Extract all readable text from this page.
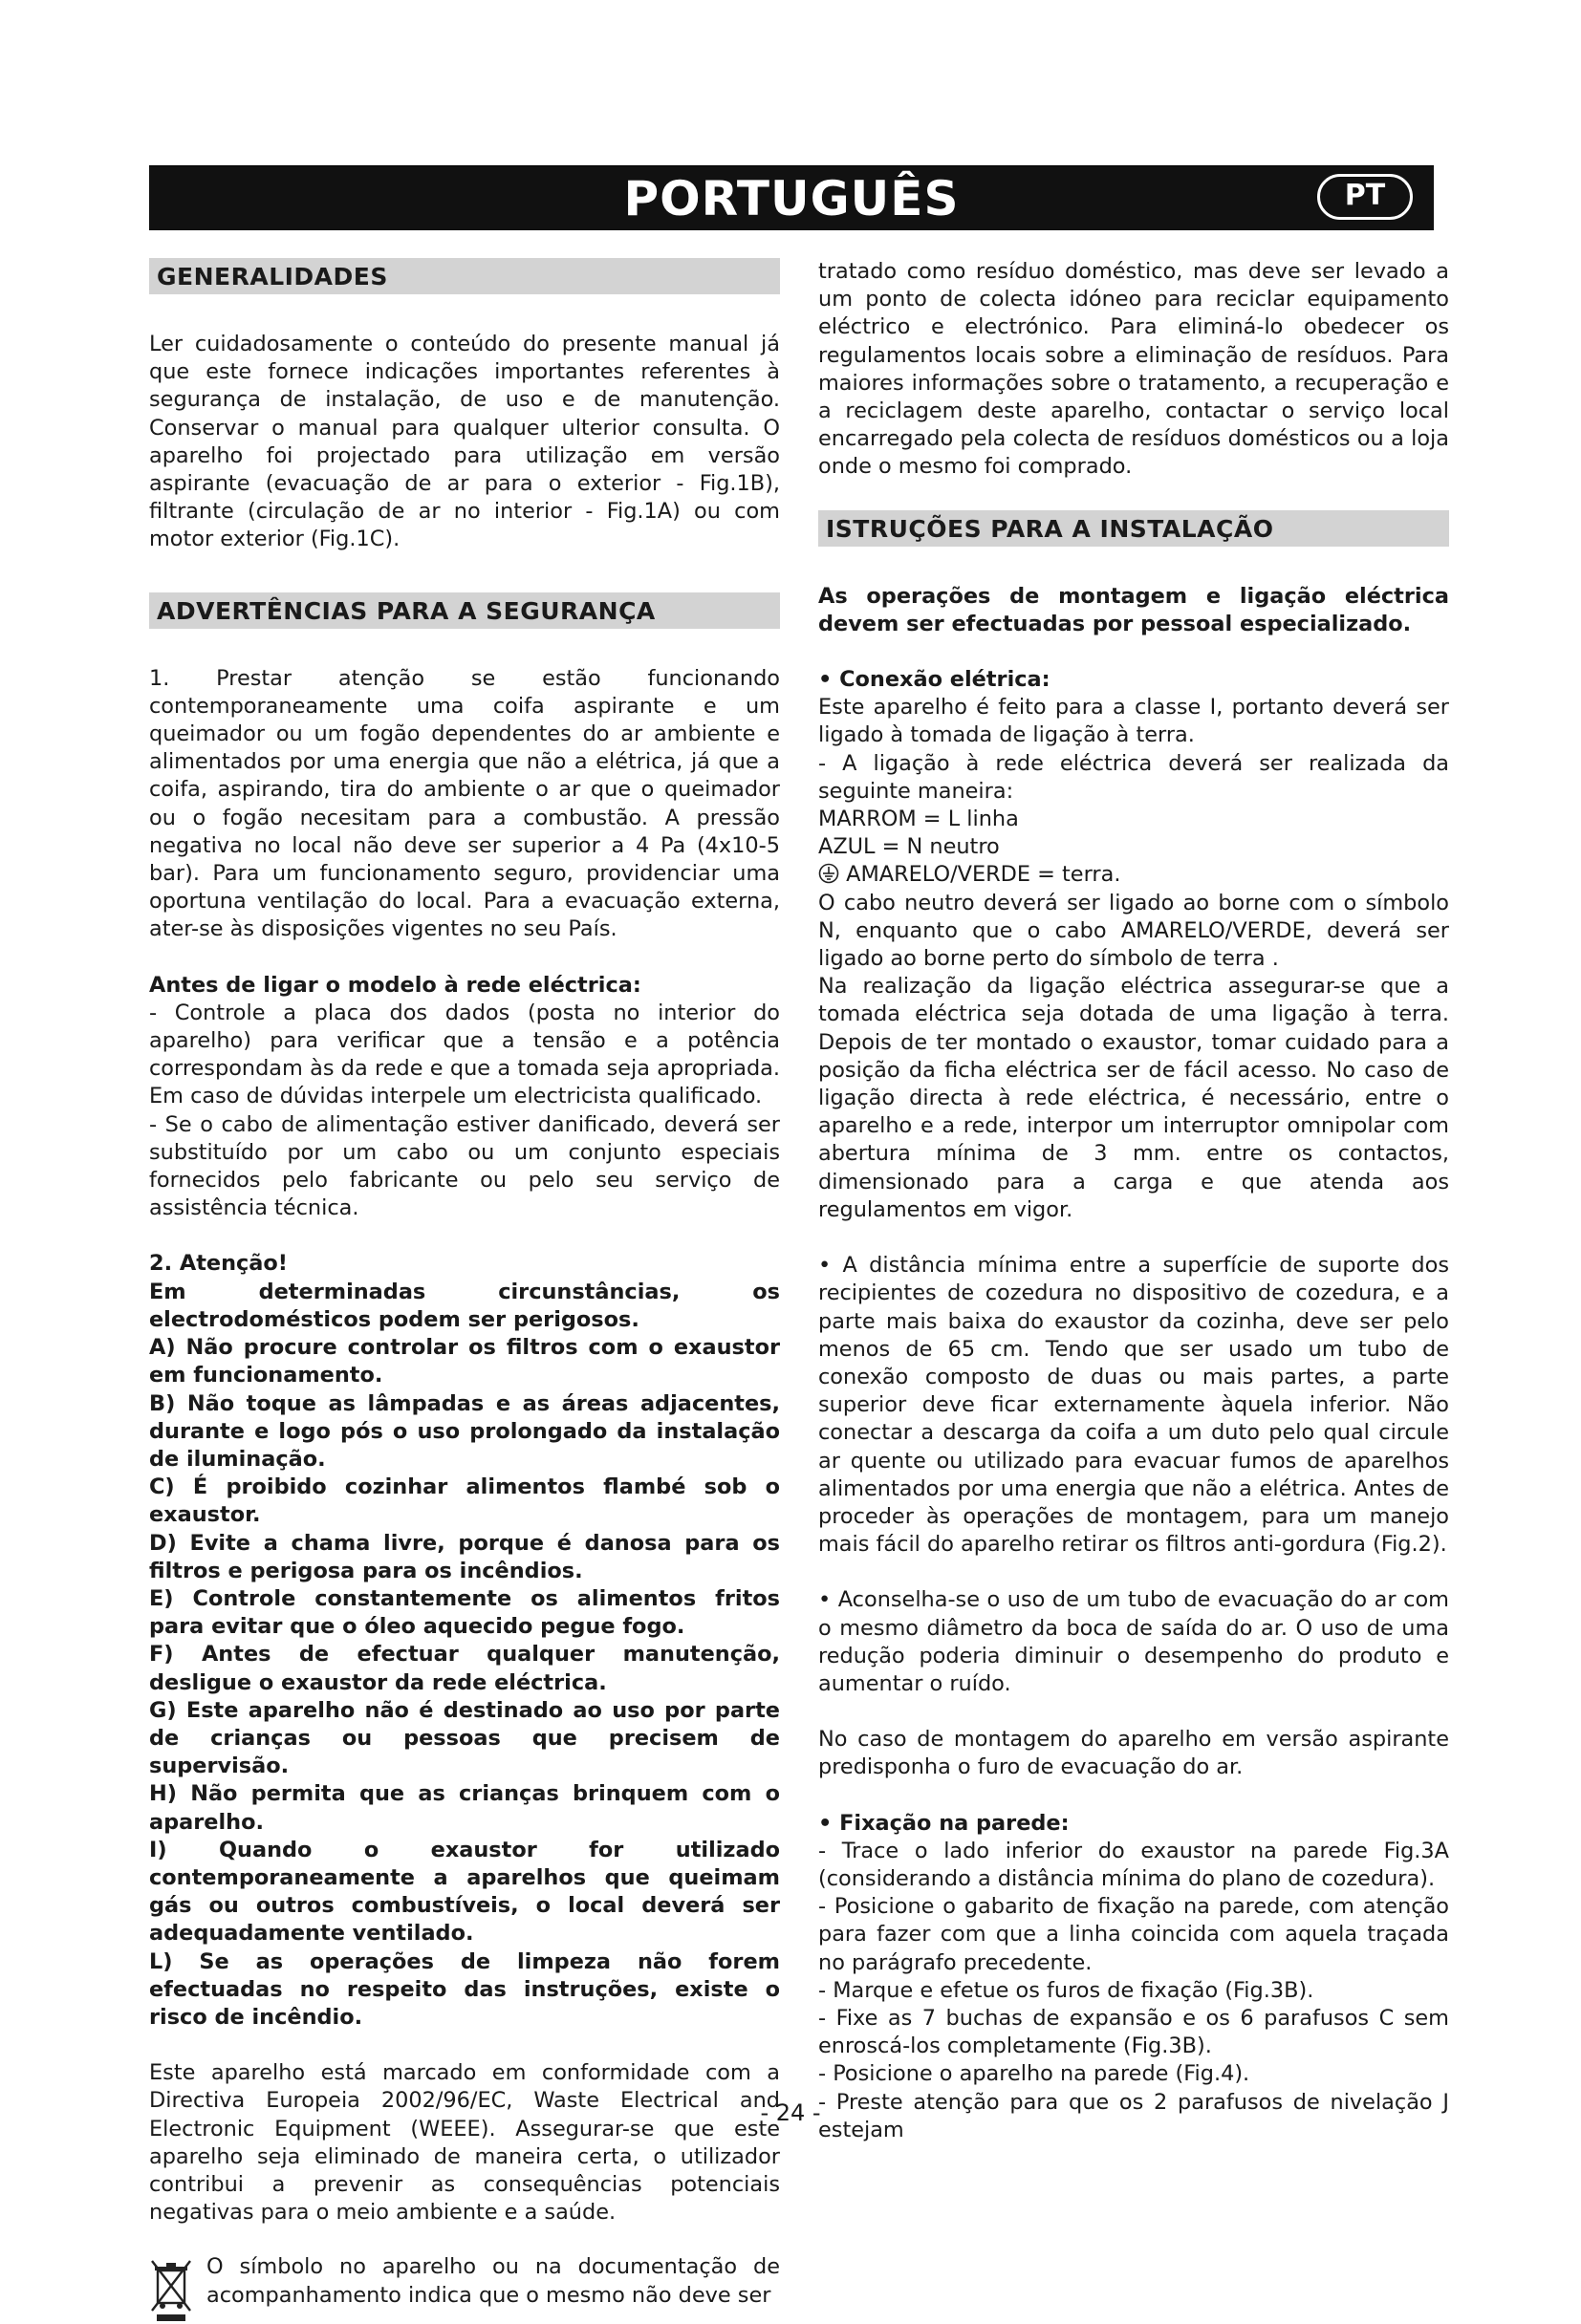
PORTUGUÊS	PT
GENERALIDADES

Ler cuidadosamente o conteúdo do presente manual já que este fornece indicações importantes referentes à segurança de instalação, de uso e de manutenção. Conservar o manual para qualquer ulterior consulta. O aparelho foi projectado para utilização em versão aspirante (evacuação de ar para o exterior - Fig.1B), filtrante (circulação de ar no interior - Fig.1A) ou com motor exterior (Fig.1C).

ADVERTÊNCIAS PARA A SEGURANÇA

1. Prestar atenção se estão funcionando contemporaneamente uma coifa aspirante e um queimador ou um fogão dependentes do ar ambiente e alimentados por uma energia que não a elétrica, já que a coifa, aspirando, tira do ambiente o ar que o queimador ou o fogão necesitam para a combustão. A pressão negativa no local não deve ser superior a 4 Pa (4x10-5 bar). Para um funcionamento seguro, providenciar uma oportuna ventilação do local. Para a evacuação externa, ater-se às disposições vigentes no seu País.

Antes de ligar o modelo à rede eléctrica:

- Controle a placa dos dados (posta no interior do aparelho) para verificar que a tensão e a potência correspondam às da rede e que a tomada seja apropriada. Em caso de dúvidas interpele um electricista qualificado.

- Se o cabo de alimentação estiver danificado, deverá ser substituído por um cabo ou um conjunto especiais fornecidos pelo fabricante ou pelo seu serviço de assistência técnica.

2. Atenção!

Em determinadas circunstâncias, os electrodomésticos podem ser perigosos.

A) Não procure controlar os filtros com o exaustor em funcionamento.

B) Não toque as lâmpadas e as áreas adjacentes, durante e logo pós o uso prolongado da instalação de iluminação.

C) É proibido cozinhar alimentos flambé sob o exaustor.

D) Evite a chama livre, porque é danosa para os filtros e perigosa para os incêndios.

E) Controle constantemente os alimentos fritos para evitar que o óleo aquecido pegue fogo.

F) Antes de efectuar qualquer manutenção, desligue o exaustor da rede eléctrica.

G) Este aparelho não é destinado ao uso por parte de crianças ou pessoas que precisem de supervisão.

H) Não permita que as crianças brinquem com o aparelho.

I) Quando o exaustor for utilizado contemporaneamente a aparelhos que queimam gás ou outros combustíveis, o local deverá ser adequadamente ventilado.

L) Se as operações de limpeza não forem efectuadas no respeito das instruções, existe o risco de incêndio.

Este aparelho está marcado em conformidade com a Directiva Europeia 2002/96/EC, Waste Electrical and Electronic Equipment (WEEE). Assegurar-se que este aparelho seja eliminado de maneira certa, o utilizador contribui a prevenir as consequências potenciais negativas para o meio ambiente e a saúde.

O símbolo no aparelho ou na documentação de acompanhamento indica que o mesmo não deve ser

tratado como resíduo doméstico, mas deve ser levado a um ponto de colecta idóneo para reciclar equipamento eléctrico e electrónico. Para eliminá-lo obedecer os regulamentos locais sobre a eliminação de resíduos. Para maiores informações sobre o tratamento, a recuperação e a reciclagem deste aparelho, contactar o serviço local encarregado pela colecta de resíduos domésticos ou a loja onde o mesmo foi comprado.

ISTRUÇÕES PARA A INSTALAÇÃO

As operações de montagem e ligação eléctrica devem ser efectuadas por pessoal especializado.

• Conexão elétrica:

Este aparelho é feito para a classe I, portanto deverá ser ligado à tomada de ligação à terra.

- A ligação à rede eléctrica deverá ser realizada da seguinte maneira:

MARROM = L linha

AZUL = N neutro

AMARELO/VERDE = terra.

O cabo neutro deverá ser ligado ao borne com o símbolo N, enquanto que o cabo AMARELO/VERDE, deverá ser ligado ao borne perto do símbolo de terra .

Na realização da ligação eléctrica assegurar-se que a tomada eléctrica seja dotada de uma ligação à terra. Depois de ter montado o exaustor, tomar cuidado para a posição da ficha eléctrica ser de fácil acesso. No caso de ligação directa à rede eléctrica, é necessário, entre o aparelho e a rede, interpor um interruptor omnipolar com abertura mínima de 3 mm. entre os contactos, dimensionado para a carga e que atenda aos regulamentos em vigor.

• A distância mínima entre a superfície de suporte dos recipientes de cozedura no dispositivo de cozedura, e a parte mais baixa do exaustor da cozinha, deve ser pelo menos de 65 cm. Tendo que ser usado um tubo de conexão composto de duas ou mais partes, a parte superior deve ficar externamente àquela inferior. Não conectar a descarga da coifa a um duto pelo qual circule ar quente ou utilizado para evacuar fumos de aparelhos alimentados por uma energia que não a elétrica. Antes de proceder às operações de montagem, para um manejo mais fácil do aparelho retirar os filtros anti-gordura (Fig.2).

• Aconselha-se o uso de um tubo de evacuação do ar com o mesmo diâmetro da boca de saída do ar. O uso de uma redução poderia diminuir o desempenho do produto e aumentar o ruído.

No caso de montagem do aparelho em versão aspirante predisponha o furo de evacuação do ar.

• Fixação na parede:

- Trace o lado inferior do exaustor na parede Fig.3A (considerando a distância mínima do plano de cozedura).

- Posicione o gabarito de fixação na parede, com atenção para fazer com que a linha coincida com aquela traçada no parágrafo precedente.

- Marque e efetue os furos de fixação (Fig.3B).

- Fixe as 7 buchas de expansão e os 6 parafusos C sem enroscá-los completamente (Fig.3B).

- Posicione o aparelho na parede (Fig.4).

- Preste atenção para que os 2 parafusos de nivelação J estejam

- 24 -
